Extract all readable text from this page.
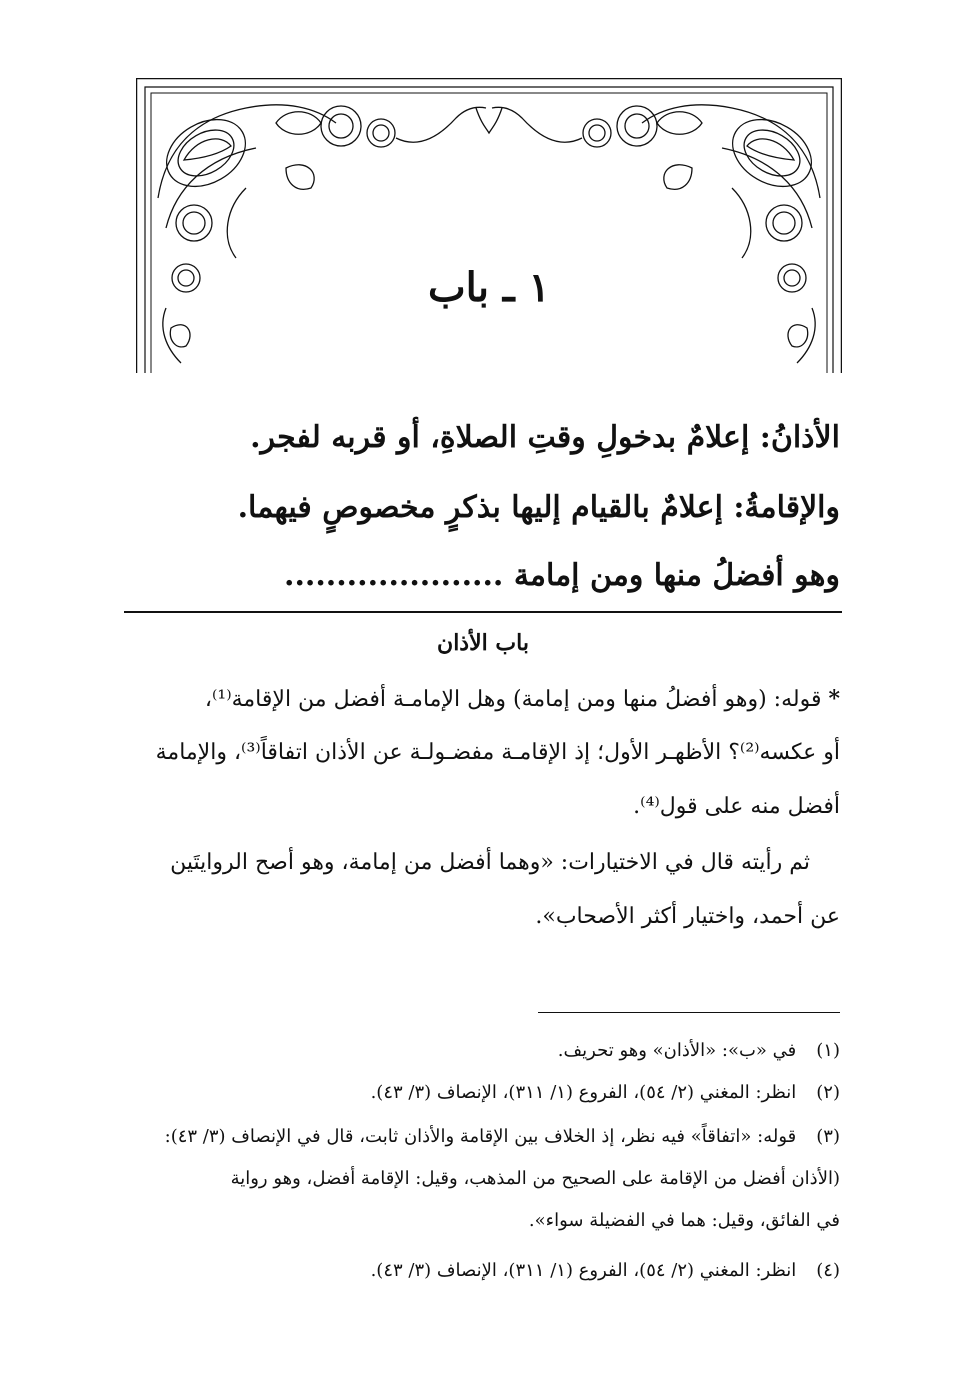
١ ـ باب
الأذانُ: إعلامٌ بدخولِ وقتِ الصلاةِ، أو قربه لفجر.
والإقامةُ: إعلامٌ بالقيام إليها بذكرٍ مخصوصٍ فيهما.
وهو أفضلُ منها ومن إمامة .....................
باب الأذان
* قوله: (وهو أفضلُ منها ومن إمامة) وهل الإمامـة أفضل من الإقامة⁽¹⁾،
أو عكسه⁽²⁾؟ الأظهـر الأول؛ إذ الإقامـة مفضـولـة عن الأذان اتفاقاً⁽³⁾، والإمامة
أفضل منه على قول⁽⁴⁾.
ثم رأيته قال في الاختيارات: «وهما أفضل من إمامة، وهو أصح الروايتَين
عن أحمد، واختيار أكثر الأصحاب».
(١) في «ب»: «الأذان» وهو تحريف.
(٢) انظر: المغني (٢/ ٥٤)، الفروع (١/ ٣١١)، الإنصاف (٣/ ٤٣).
(٣) قوله: «اتفاقاً» فيه نظر، إذ الخلاف بين الإقامة والأذان ثابت، قال في الإنصاف (٣/ ٤٣):
(الأذان أفضل من الإقامة على الصحيح من المذهب، وقيل: الإقامة أفضل، وهو رواية
في الفائق، وقيل: هما في الفضيلة سواء».
(٤) انظر: المغني (٢/ ٥٤)، الفروع (١/ ٣١١)، الإنصاف (٣/ ٤٣).
